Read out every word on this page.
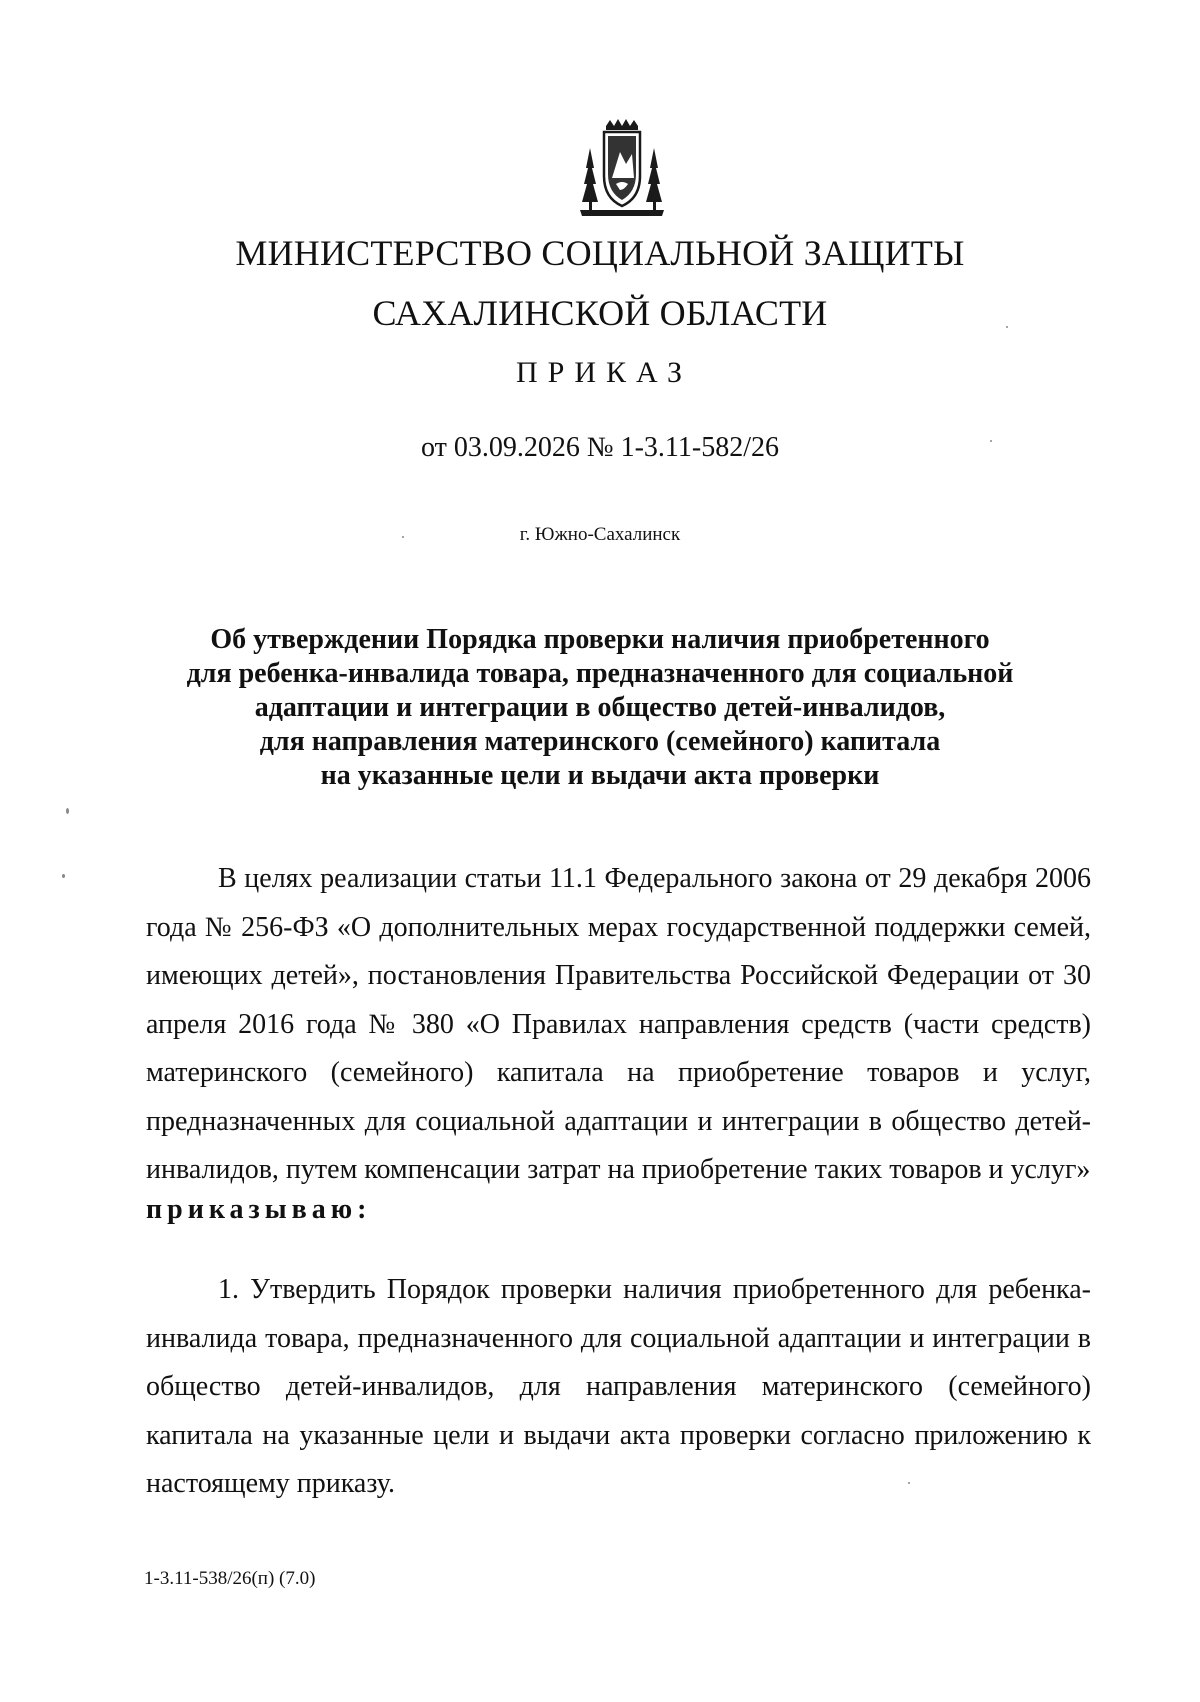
МИНИСТЕРСТВО СОЦИАЛЬНОЙ ЗАЩИТЫ
САХАЛИНСКОЙ ОБЛАСТИ
ПРИКАЗ
от 03.09.2026 № 1-3.11-582/26
г. Южно-Сахалинск
Об утверждении Порядка проверки наличия приобретенного
для ребенка-инвалида товара, предназначенного для социальной
адаптации и интеграции в общество детей-инвалидов,
для направления материнского (семейного) капитала
на указанные цели и выдачи акта проверки

В целях реализации статьи 11.1 Федерального закона от 29 декабря 2006 года № 256-ФЗ «О дополнительных мерах государственной поддержки семей, имеющих детей», постановления Правительства Российской Федерации от 30 апреля 2016 года № 380 «О Правилах направления средств (части средств) материнского (семейного) капитала на приобретение товаров и услуг, предназначенных для социальной адаптации и интеграции в общество детей-инвалидов, путем компенсации затрат на приобретение таких товаров и услуг»

приказываю:

1. Утвердить Порядок проверки наличия приобретенного для ребенка-инвалида товара, предназначенного для социальной адаптации и интеграции в общество детей-инвалидов, для направления материнского (семейного) капитала на указанные цели и выдачи акта проверки согласно приложению к настоящему приказу.

1-3.11-538/26(п) (7.0)
